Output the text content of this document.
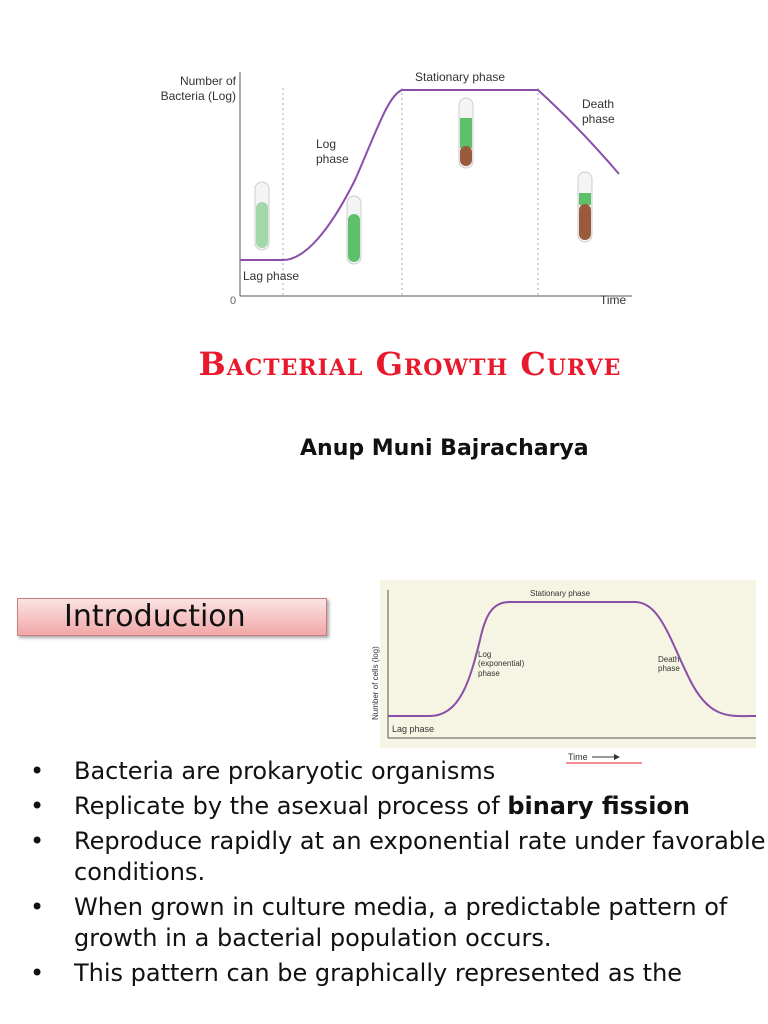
Number of
Bacteria (Log)
Lag phase
Log
phase
Stationary phase
Death
phase
Time
0
Bacterial Growth Curve
Anup Muni Bajracharya
Introduction
Number of cells (log)
Lag phase
Log
(exponential)
phase
Stationary phase
Death
phase
Time
• Bacteria are prokaryotic organisms
• Replicate by the asexual process of binary fission
• Reproduce rapidly at an exponential rate under favorable conditions.
• When grown in culture media, a predictable pattern of growth in a bacterial population occurs.
• This pattern can be graphically represented as the
